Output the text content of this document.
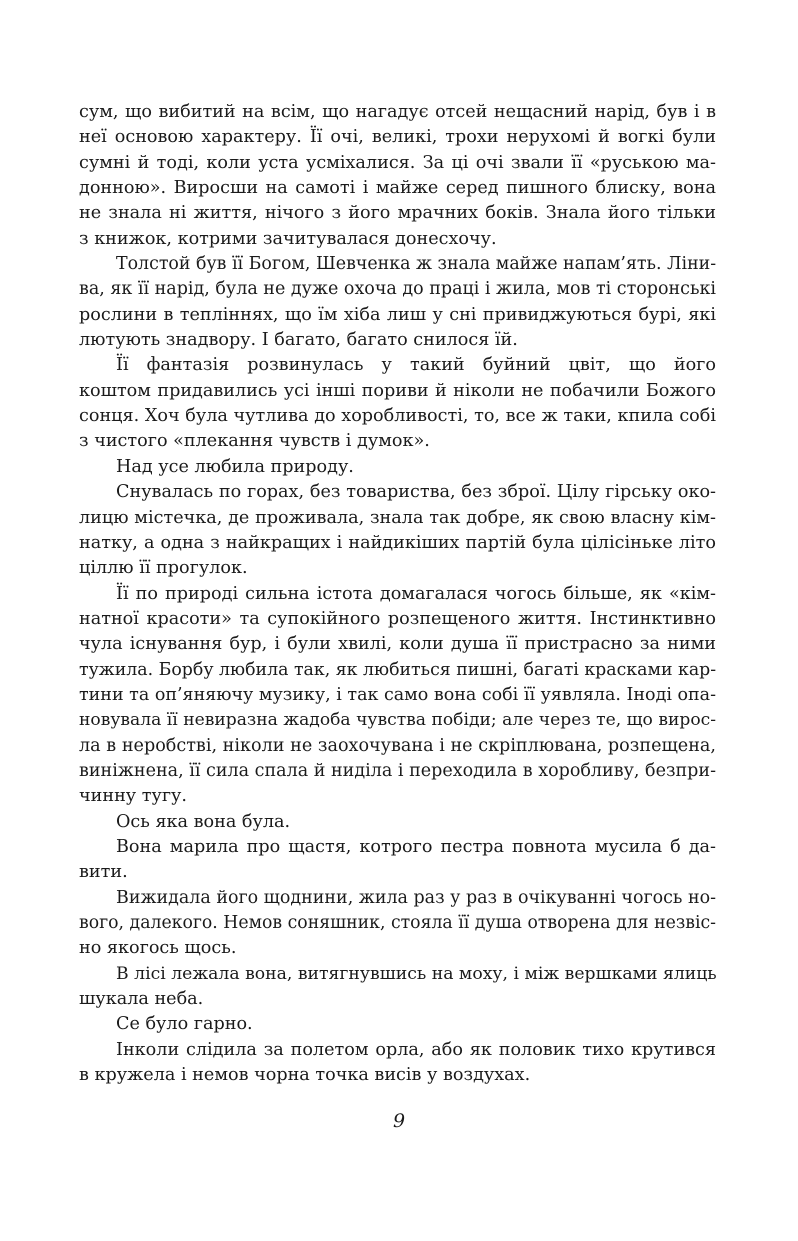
сум, що вибитий на всім, що нагадує отсей нещасний нарід, був і в
неї основою характеру. Її очі, великі, трохи нерухомі й вогкі були
сумні й тоді, коли уста усміхалися. За ці очі звали її «руською ма-
донною». Виросши на самоті і майже серед пишного блиску, вона
не знала ні життя, нічого з його мрачних боків. Знала його тільки
з книжок, котрими зачитувалася донесхочу.
Толстой був її Богом, Шевченка ж знала майже напам’ять. Ліни-
ва, як її нарід, була не дуже охоча до праці і жила, мов ті сторонські
рослини в теплiннях, що їм хіба лиш у сні привиджуються бурі, які
лютують знадвору. І багато, багато снилося їй.
Її фантазія розвинулась у такий буйний цвіт, що його
коштом придавились усі інші пориви й ніколи не побачили Божого
сонця. Хоч була чутлива до хоробливості, то, все ж таки, кпила собі
з чистого «плекання чувств і думок».
Над усе любила природу.
Снувалась по горах, без товариства, без зброї. Цілу гірську око-
лицю містечка, де проживала, знала так добре, як свою власну кім-
натку, а одна з найкращих і найдикіших партій була цілісіньке літо
ціллю її прогулок.
Її по природі сильна істота домагалася чогось більше, як «кім-
натної красоти» та супокійного розпещеного життя. Інстинктивно
чула існування бур, і були хвилі, коли душа її пристрасно за ними
тужила. Борбу любила так, як любиться пишні, багаті красками кар-
тини та оп’яняючу музику, і так само вона собі її уявляла. Іноді опа-
новувала її невиразна жадоба чувства побіди; але через те, що вирос-
ла в неробстві, ніколи не заохочувана і не скріплювана, розпещена,
виніжнена, її сила спала й ниділа і переходила в хоробливу, безпри-
чинну тугу.
Ось яка вона була.
Вона марила про щастя, котрого пестра повнота мусила б да-
вити.
Вижидала його щоднини, жила раз у раз в очікуванні чогось но-
вого, далекого. Немов соняшник, стояла її душа отворена для незвіс-
но якогось щось.
В лісі лежала вона, витягнувшись на моху, і між вершками ялиць
шукала неба.
Се було гарно.
Інколи слідила за полетом орла, або як половик тихо крутився
в кружела і немов чорна точка висів у воздухах.
9
